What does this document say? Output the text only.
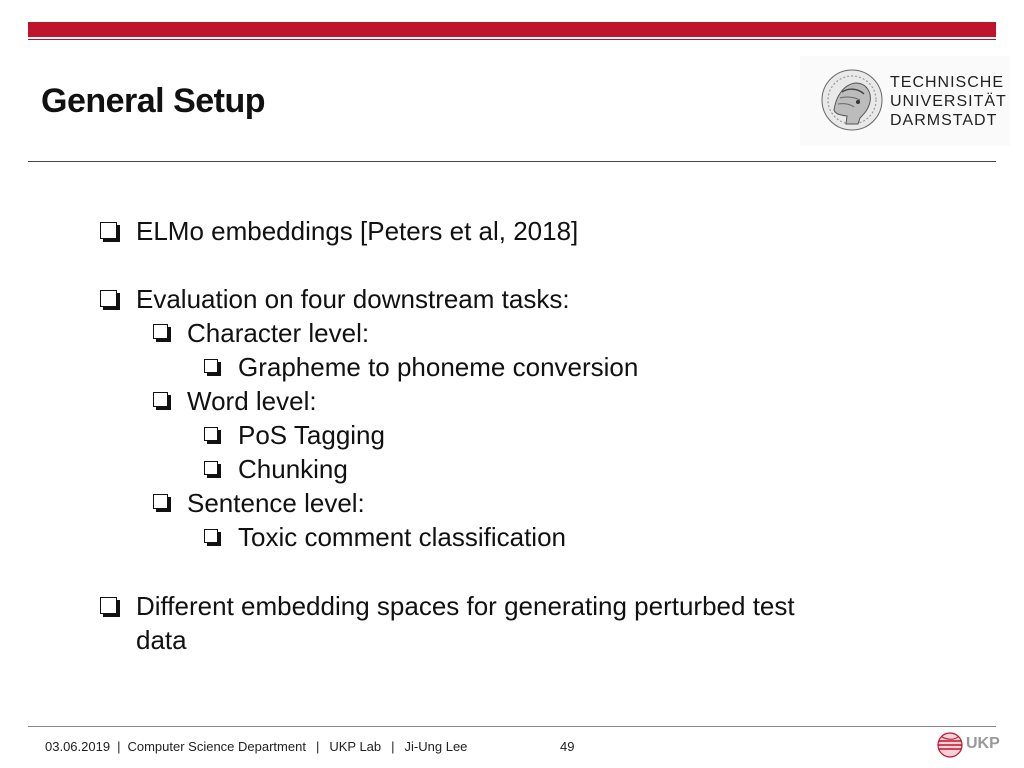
General Setup	TECHNISCHE
UNIVERSITÄT
DARMSTADT
ELMo embeddings [Peters et al, 2018]
Evaluation on four downstream tasks:
Character level:
Grapheme to phoneme conversion
Word level:
PoS Tagging
Chunking
Sentence level:
Toxic comment classification
Different embedding spaces for generating perturbed test
data
03.06.2019 | Computer Science Department | UKP Lab | Ji-Ung Lee	49	UKP
